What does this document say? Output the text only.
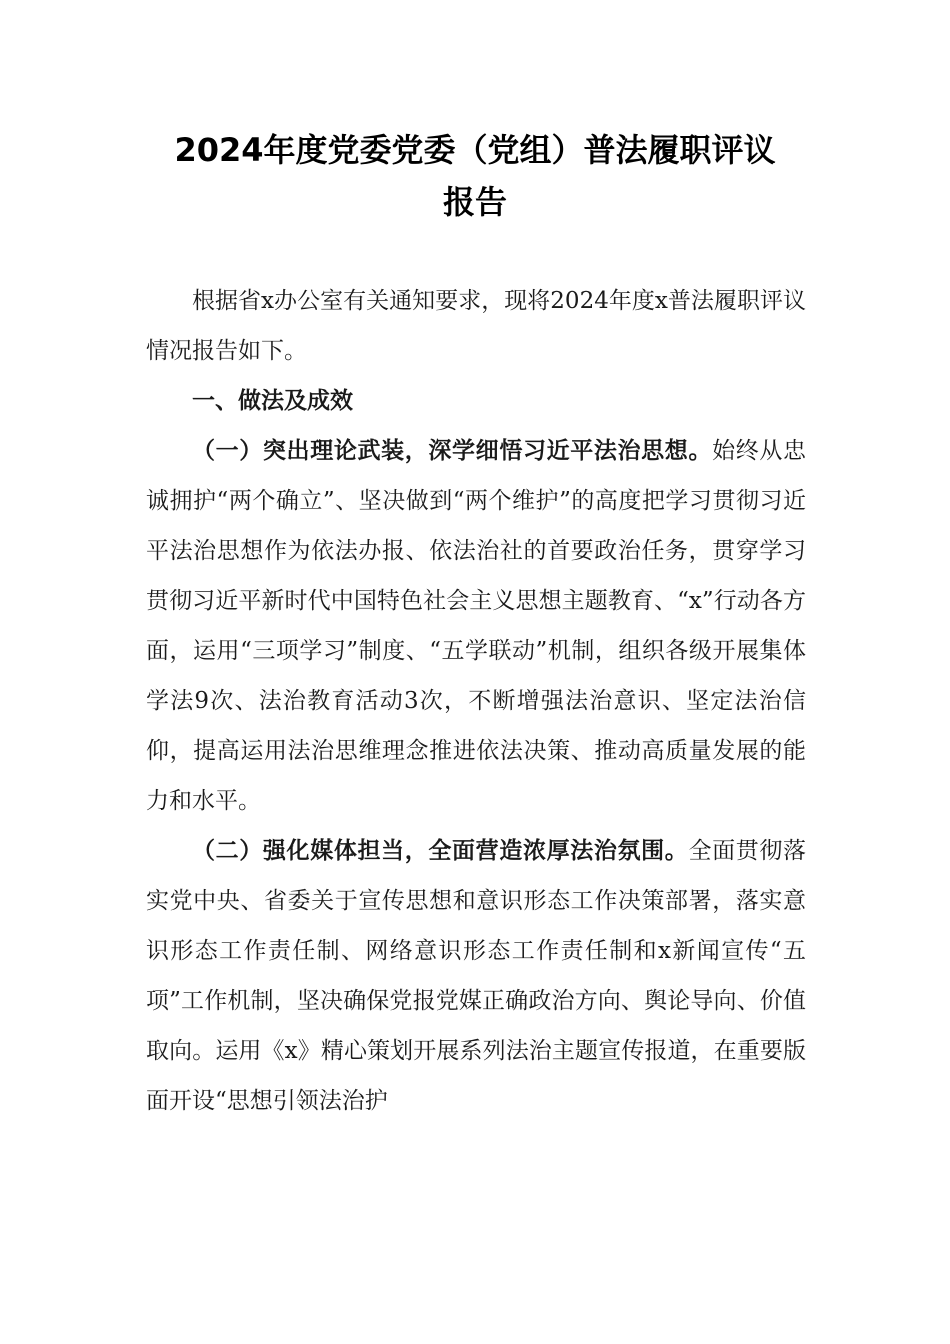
2024年度党委党委（党组）普法履职评议
报告

根据省x办公室有关通知要求，现将2024年度x普法履职评议情况报告如下。

一、做法及成效

（一）突出理论武装，深学细悟习近平法治思想。始终从忠诚拥护“两个确立”、坚决做到“两个维护”的高度把学习贯彻习近平法治思想作为依法办报、依法治社的首要政治任务，贯穿学习贯彻习近平新时代中国特色社会主义思想主题教育、“x”行动各方面，运用“三项学习”制度、“五学联动”机制，组织各级开展集体学法9次、法治教育活动3次，不断增强法治意识、坚定法治信仰，提高运用法治思维理念推进依法决策、推动高质量发展的能力和水平。

（二）强化媒体担当，全面营造浓厚法治氛围。全面贯彻落实党中央、省委关于宣传思想和意识形态工作决策部署，落实意识形态工作责任制、网络意识形态工作责任制和x新闻宣传“五项”工作机制，坚决确保党报党媒正确政治方向、舆论导向、价值取向。运用《x》精心策划开展系列法治主题宣传报道，在重要版面开设“思想引领法治护
